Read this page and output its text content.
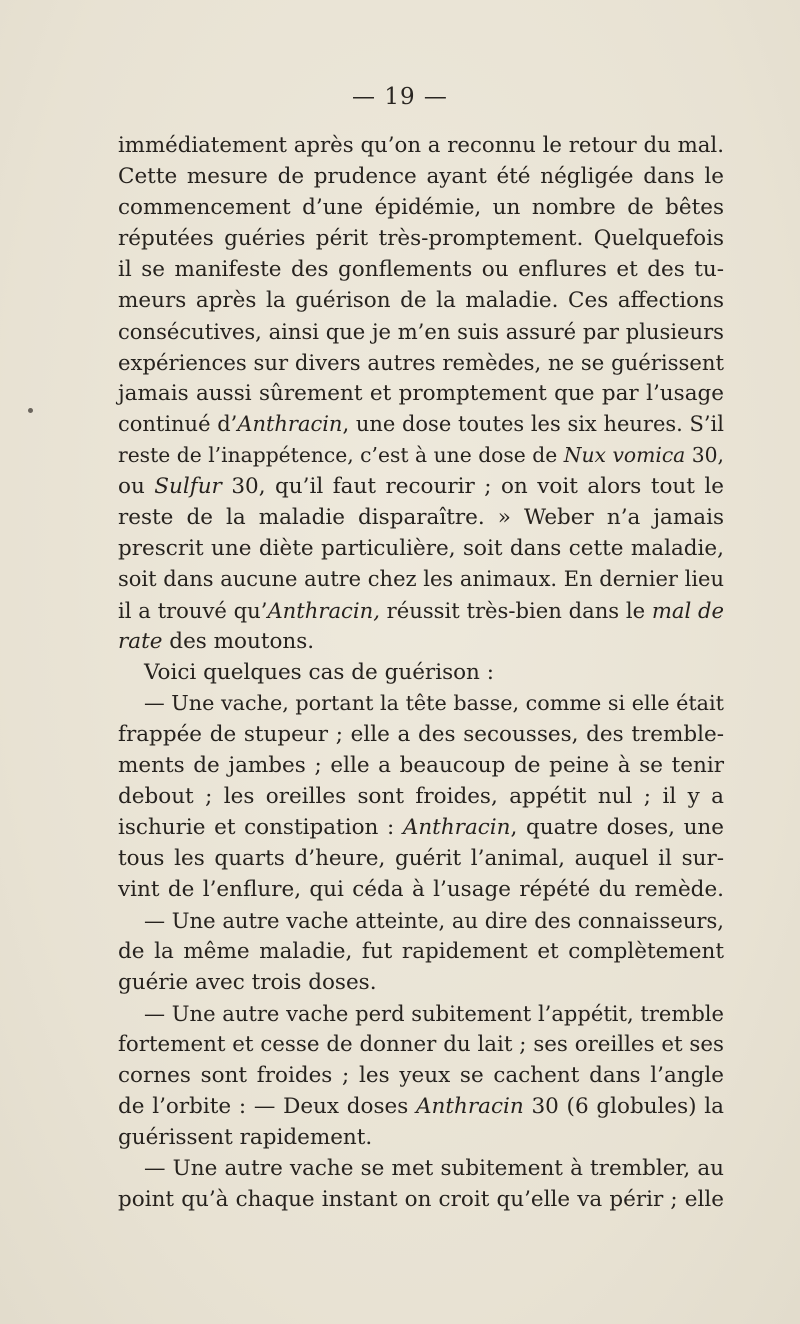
— 19 —
immédiatement après qu’on a reconnu le retour du mal.
Cette mesure de prudence ayant été négligée dans le
commencement d’une épidémie, un nombre de bêtes
réputées guéries périt très-promptement. Quelquefois
il se manifeste des gonflements ou enflures et des tu-
meurs après la guérison de la maladie. Ces affections
consécutives, ainsi que je m’en suis assuré par plusieurs
expériences sur divers autres remèdes, ne se guérissent
jamais aussi sûrement et promptement que par l’usage
continué d’Anthracin, une dose toutes les six heures. S’il
reste de l’inappétence, c’est à une dose de Nux vomica 30,
ou Sulfur 30, qu’il faut recourir ; on voit alors tout le
reste de la maladie disparaître. » Weber n’a jamais
prescrit une diète particulière, soit dans cette maladie,
soit dans aucune autre chez les animaux. En dernier lieu
il a trouvé qu’Anthracin, réussit très-bien dans le mal de
rate des moutons.
Voici quelques cas de guérison :
— Une vache, portant la tête basse, comme si elle était
frappée de stupeur ; elle a des secousses, des tremble-
ments de jambes ; elle a beaucoup de peine à se tenir
debout ; les oreilles sont froides, appétit nul ; il y a
ischurie et constipation : Anthracin, quatre doses, une
tous les quarts d’heure, guérit l’animal, auquel il sur-
vint de l’enflure, qui céda à l’usage répété du remède.
— Une autre vache atteinte, au dire des connaisseurs,
de la même maladie, fut rapidement et complètement
guérie avec trois doses.
— Une autre vache perd subitement l’appétit, tremble
fortement et cesse de donner du lait ; ses oreilles et ses
cornes sont froides ; les yeux se cachent dans l’angle
de l’orbite : — Deux doses Anthracin 30 (6 globules) la
guérissent rapidement.
— Une autre vache se met subitement à trembler, au
point qu’à chaque instant on croit qu’elle va périr ; elle
